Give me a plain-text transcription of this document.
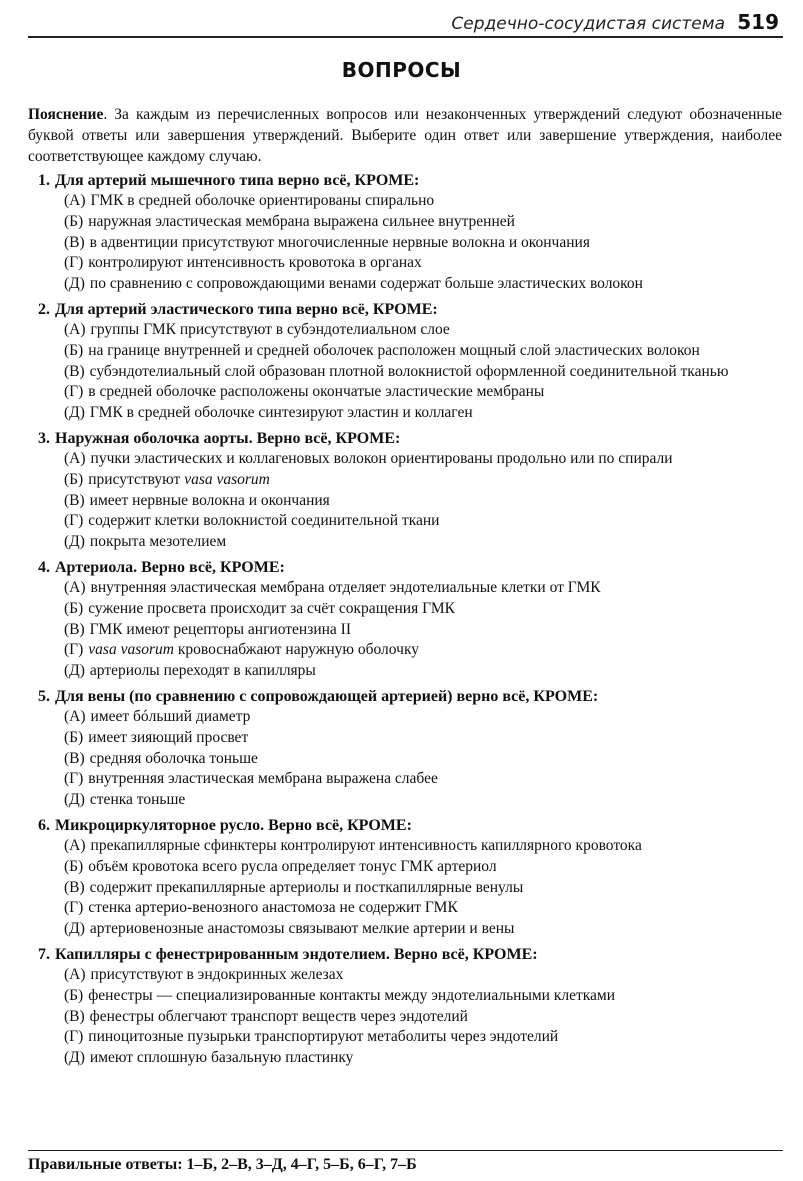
Сердечно-сосудистая система 519
ВОПРОСЫ
Пояснение. За каждым из перечисленных вопросов или незаконченных утверждений следуют обозначенные буквой ответы или завершения утверждений. Выберите один ответ или завершение утверждения, наиболее соответствующее каждому случаю.
1. Для артерий мышечного типа верно всё, КРОМЕ:
(А) ГМК в средней оболочке ориентированы спирально
(Б) наружная эластическая мембрана выражена сильнее внутренней
(В) в адвентиции присутствуют многочисленные нервные волокна и окончания
(Г) контролируют интенсивность кровотока в органах
(Д) по сравнению с сопровождающими венами содержат больше эластических волокон
2. Для артерий эластического типа верно всё, КРОМЕ:
(А) группы ГМК присутствуют в субэндотелиальном слое
(Б) на границе внутренней и средней оболочек расположен мощный слой эластических волокон
(В) субэндотелиальный слой образован плотной волокнистой оформленной соединительной тканью
(Г) в средней оболочке расположены окончатые эластические мембраны
(Д) ГМК в средней оболочке синтезируют эластин и коллаген
3. Наружная оболочка аорты. Верно всё, КРОМЕ:
(А) пучки эластических и коллагеновых волокон ориентированы продольно или по спирали
(Б) присутствуют vasa vasorum
(В) имеет нервные волокна и окончания
(Г) содержит клетки волокнистой соединительной ткани
(Д) покрыта мезотелием
4. Артериола. Верно всё, КРОМЕ:
(А) внутренняя эластическая мембрана отделяет эндотелиальные клетки от ГМК
(Б) сужение просвета происходит за счёт сокращения ГМК
(В) ГМК имеют рецепторы ангиотензина II
(Г) vasa vasorum кровоснабжают наружную оболочку
(Д) артериолы переходят в капилляры
5. Для вены (по сравнению с сопровождающей артерией) верно всё, КРОМЕ:
(А) имеет бóльший диаметр
(Б) имеет зияющий просвет
(В) средняя оболочка тоньше
(Г) внутренняя эластическая мембрана выражена слабее
(Д) стенка тоньше
6. Микроциркуляторное русло. Верно всё, КРОМЕ:
(А) прекапиллярные сфинктеры контролируют интенсивность капиллярного кровотока
(Б) объём кровотока всего русла определяет тонус ГМК артериол
(В) содержит прекапиллярные артериолы и посткапиллярные венулы
(Г) стенка артерио-венозного анастомоза не содержит ГМК
(Д) артериовенозные анастомозы связывают мелкие артерии и вены
7. Капилляры с фенестрированным эндотелием. Верно всё, КРОМЕ:
(А) присутствуют в эндокринных железах
(Б) фенестры — специализированные контакты между эндотелиальными клетками
(В) фенестры облегчают транспорт веществ через эндотелий
(Г) пиноцитозные пузырьки транспортируют метаболиты через эндотелий
(Д) имеют сплошную базальную пластинку
Правильные ответы: 1–Б, 2–В, 3–Д, 4–Г, 5–Б, 6–Г, 7–Б
